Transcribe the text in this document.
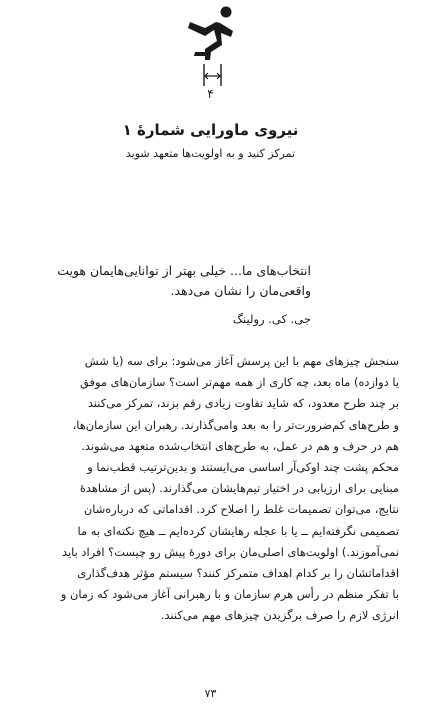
۴
نیروی ماورایی شمارهٔ ۱
تمرکز کنید و به اولویت‌ها متعهد شوید
انتخاب‌های ما... خیلی بهتر از توانایی‌هایمان هویت
واقعی‌مان را نشان می‌دهد.
جی. کی. رولینگ
سنجش چیزهای مهم با این پرسش آغاز می‌شود: برای سه (یا شش
یا دوازده) ماه بعد، چه کاری از همه مهم‌تر است؟ سازمان‌های موفق
بر چند طرح معدود، که شاید تفاوت زیادی رقم بزند، تمرکز می‌کنند
و طرح‌های کم‌ضرورت‌تر را به بعد وامی‌گذارند. رهبران این سازمان‌ها،
هم در حرف و هم در عمل، به طرح‌های انتخاب‌شده متعهد می‌شوند.
محکم پشت چند اوکی‌آر اساسی می‌ایستند و بدین‌ترتیب قطب‌نما و
مبنایی برای ارزیابی در اختیار تیم‌هایشان می‌گذارند. (پس از مشاهدهٔ
نتایج، می‌توان تصمیمات غلط را اصلاح کرد. اقداماتی که درباره‌شان
تصمیمی نگرفته‌ایم ــ یا با عجله رهایشان کرده‌ایم ــ هیچ نکته‌ای به ما
نمی‌آموزند.) اولویت‌های اصلی‌مان برای دورهٔ پیش رو چیست؟ افراد باید
اقداماتشان را بر کدام اهداف متمرکز کنند؟ سیستم مؤثر هدف‌گذاری
با تفکر منظم در رأس هرم سازمان و با رهبرانی آغاز می‌شود که زمان و
انرژی لازم را صرف برگزیدن چیزهای مهم می‌کنند.
۷۳
